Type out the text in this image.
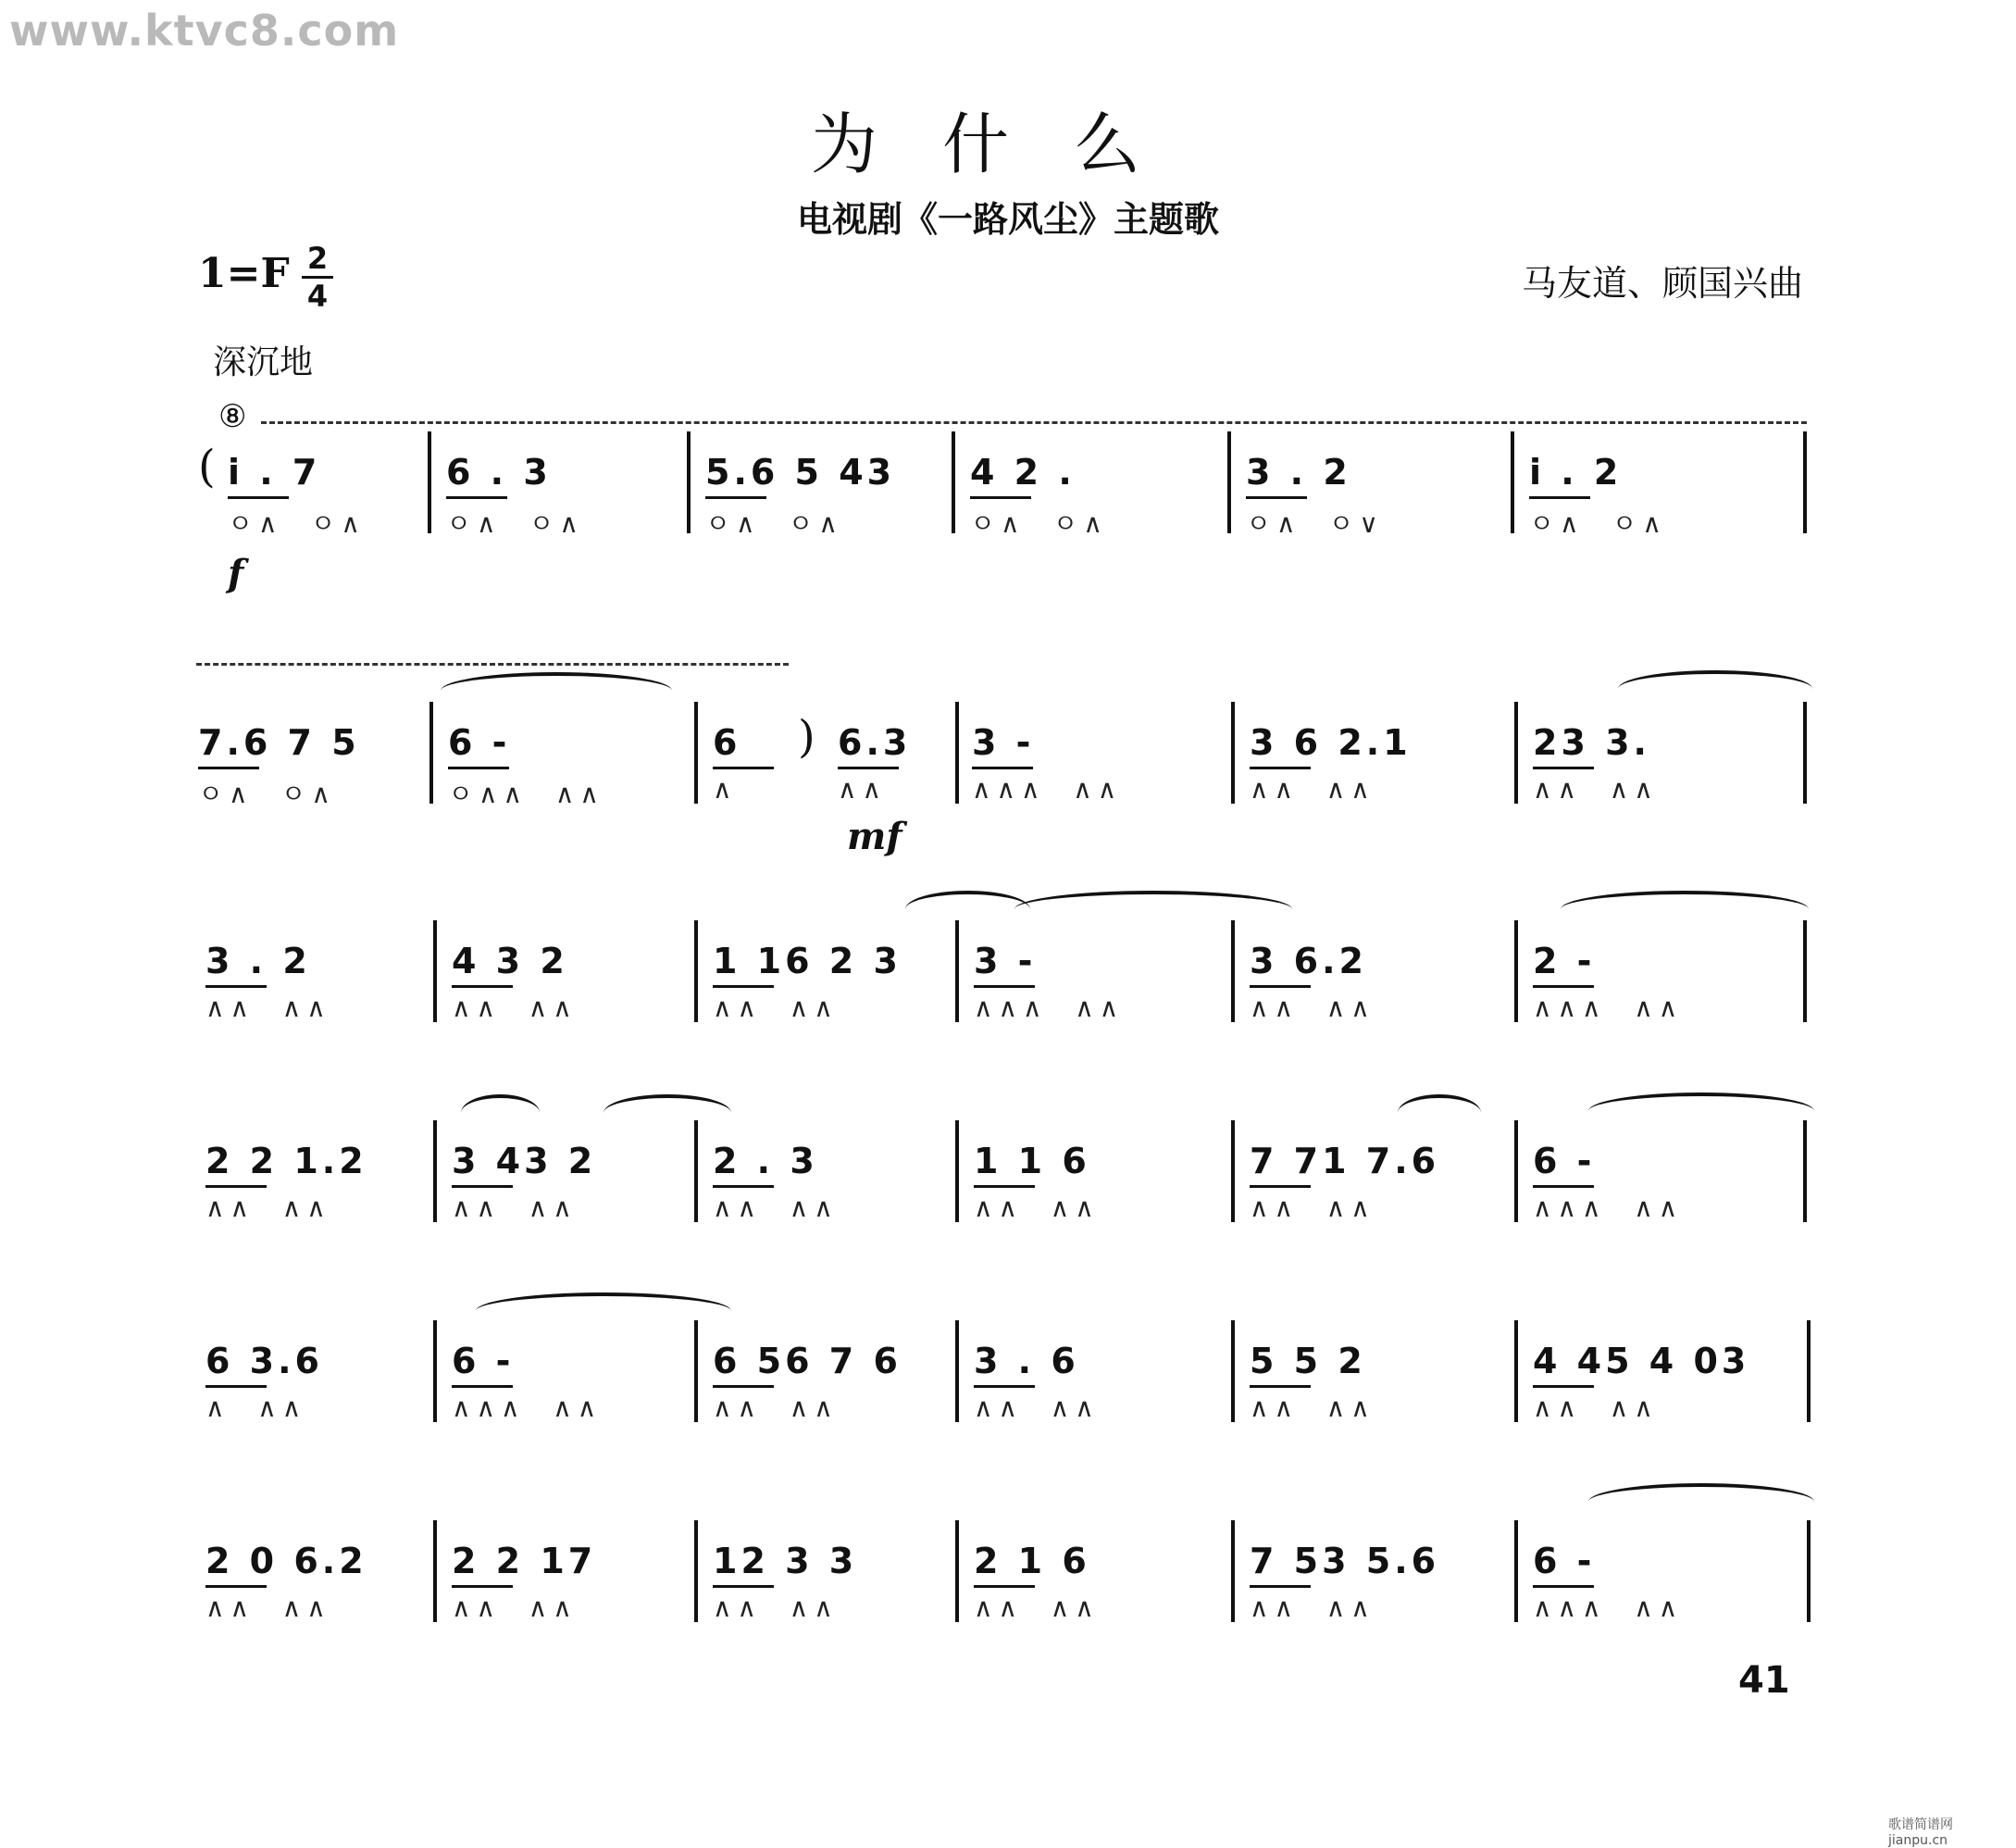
www.ktvc8.com
为什么
电视剧《一路风尘》主题歌
1=F 2
4	马友道、顾国兴曲
深沉地
⑧
(
)
f
mf
i . 7
ㅇ∧  ㅇ∧
6 . 3
ㅇ∧  ㅇ∧
5.6 5 43
ㅇ∧  ㅇ∧
4 2 .
ㅇ∧  ㅇ∧
3 . 2
ㅇ∧  ㅇ∨
i . 2
ㅇ∧  ㅇ∧
7.6 7 5
ㅇ∧  ㅇ∧
6 -
ㅇ∧∧  ∧∧
6
∧
6.3
∧∧
3 -
∧∧∧  ∧∧
3 6 2.1
∧∧  ∧∧
23 3.
∧∧  ∧∧
3 . 2
∧∧  ∧∧
4 3 2
∧∧  ∧∧
1 16 2 3
∧∧  ∧∧
3 -
∧∧∧  ∧∧
3 6.2
∧∧  ∧∧
2 -
∧∧∧  ∧∧
2 2 1.2
∧∧  ∧∧
3 43 2
∧∧  ∧∧
2 . 3
∧∧  ∧∧
1 1 6
∧∧  ∧∧
7 71 7.6
∧∧  ∧∧
6 -
∧∧∧  ∧∧
6 3.6
∧  ∧∧
6 -
∧∧∧  ∧∧
6 56 7 6
∧∧  ∧∧
3 . 6
∧∧  ∧∧
5 5 2
∧∧  ∧∧
4 45 4 03
∧∧  ∧∧
2 0 6.2
∧∧  ∧∧
2 2 17
∧∧  ∧∧
12 3 3
∧∧  ∧∧
2 1 6
∧∧  ∧∧
7 53 5.6
∧∧  ∧∧
6 -
∧∧∧  ∧∧
41
歌谱简谱网 jianpu.cn
